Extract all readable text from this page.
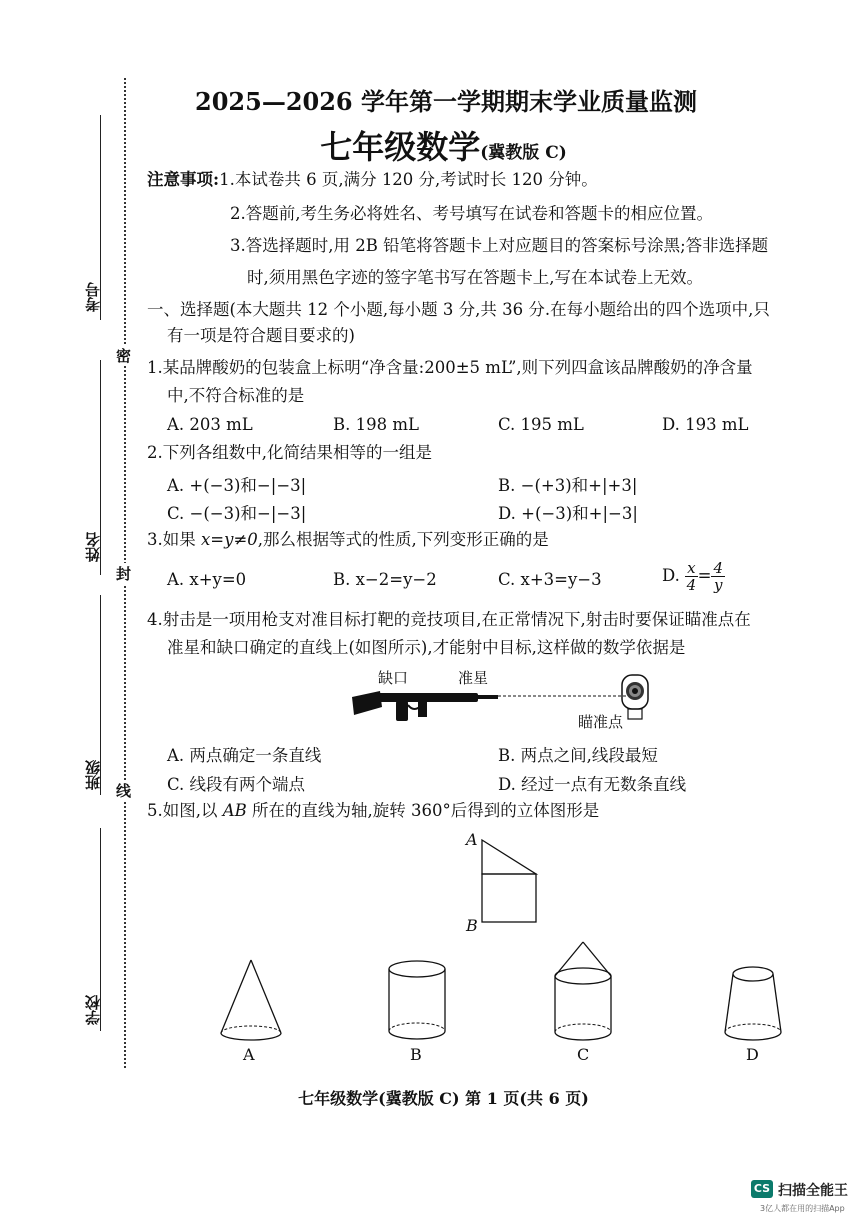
密
封
线
考号
姓名
班级
学校
2025—2026 学年第一学期期末学业质量监测
七年级数学(冀教版 C)
注意事项:1.本试卷共 6 页,满分 120 分,考试时长 120 分钟。
2.答题前,考生务必将姓名、考号填写在试卷和答题卡的相应位置。
3.答选择题时,用 2B 铅笔将答题卡上对应题目的答案标号涂黑;答非选择题
时,须用黑色字迹的签字笔书写在答题卡上,写在本试卷上无效。
一、选择题(本大题共 12 个小题,每小题 3 分,共 36 分.在每小题给出的四个选项中,只
有一项是符合题目要求的)
1.某品牌酸奶的包装盒上标明“净含量:200±5 mL”,则下列四盒该品牌酸奶的净含量
中,不符合标准的是
A. 203 mL	B. 198 mL	C. 195 mL	D. 193 mL
2.下列各组数中,化简结果相等的一组是
A. +(−3)和−|−3|	B. −(+3)和+|+3|
C. −(−3)和−|−3|	D. +(−3)和+|−3|
3.如果 x=y≠0,那么根据等式的性质,下列变形正确的是
A. x+y=0	B. x−2=y−2	C. x+3=y−3	D. $\frac{x}{4} = \frac{4}{y}$
4.射击是一项用枪支对准目标打靶的竞技项目,在正常情况下,射击时要保证瞄准点在
准星和缺口确定的直线上(如图所示),才能射中目标,这样做的数学依据是
缺口	准星
瞄准点
A. 两点确定一条直线	B. 两点之间,线段最短
C. 线段有两个端点	D. 经过一点有无数条直线
5.如图,以 AB 所在的直线为轴,旋转 360°后得到的立体图形是
A
B
A	B	C	D
七年级数学(冀教版 C) 第 1 页(共 6 页)
CS 扫描全能王
3亿人都在用的扫描App
